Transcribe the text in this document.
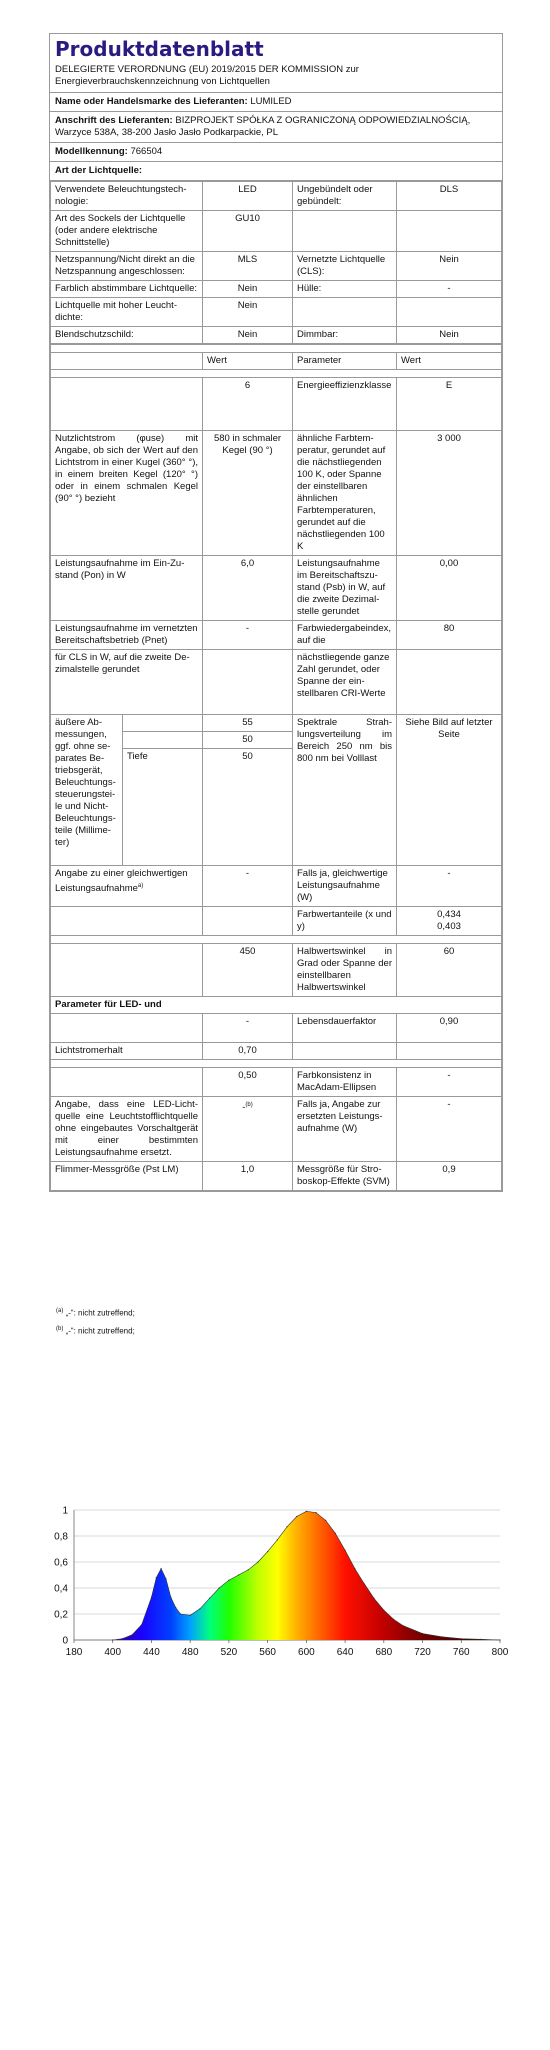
Produktdatenblatt
DELEGIERTE VERORDNUNG (EU) 2019/2015 DER KOMMISSION zur Energieverbrauchskennzeichnung von Lichtquellen
Name oder Handelsmarke des Lieferanten: LUMILED
Anschrift des Lieferanten: BIZPROJEKT SPÓŁKA Z OGRANICZONĄ ODPOWIEDZIALNOŚCIĄ, Warzyce 538A, 38-200 Jasło Jasło Podkarpackie, PL
Modellkennung: 766504
Art der Lichtquelle:
Verwendete Beleuchtungstechnologie:	LED	Ungebündelt oder gebündelt:	DLS
Art des Sockels der Lichtquelle (oder andere elektrische Schnittstelle)	GU10		
Netzspannung/Nicht direkt an die Netzspannung angeschlossen:	MLS	Vernetzte Lichtquelle (CLS):	Nein
Farblich abstimmbare Lichtquelle:	Nein	Hülle:	-
Lichtquelle mit hoher Leuchtdichte:	Nein		
Blendschutzschild:	Nein	Dimmbar:	Nein

		Wert	Parameter	Wert

		6	Energieeffizienzklasse	E
Nutzlichtstrom (φuse) mit Angabe, ob sich der Wert auf den Lichtstrom in einer Kugel (360° °), in einem breiten Kegel (120° °) oder in einem schmalen Kegel (90° °) bezieht		580 in schmaler Kegel (90 °)	ähnliche Farbtemperatur, gerundet auf die nächstliegenden 100 K, oder Spanne der einstellbaren ähnlichen Farbtemperaturen, gerundet auf die nächstliegenden 100 K	3 000
Leistungsaufnahme im Ein-Zustand (Pon) in W		6,0	Leistungsaufnahme im Bereitschaftszustand (Psb) in W, auf die zweite Dezimalstelle gerundet	0,00
Leistungsaufnahme im vernetzten Bereitschaftsbetrieb (Pnet)		-	Farbwiedergabeindex, auf die	80
für CLS in W, auf die zweite Dezimalstelle gerundet			nächstliegende ganze Zahl gerundet, oder Spanne der einstellbaren CRI-Werte	
äußere Abmessungen, ggf. ohne separates Betriebsgerät, Beleuchtungssteuerungsteile und Nicht-Beleuchtungsteile (Millimeter)		55	Spektrale Strahlungsverteilung im Bereich 250 nm bis 800 nm bei Volllast	Siehe Bild auf letzter Seite
		50		
	Tiefe	50		
Angabe zu einer gleichwertigen Leistungsaufnahme$^{a)}$		-	Falls ja, gleichwertige Leistungsaufnahme (W)	-
			Farbwertanteile (x und y)	0,434
0,403

		450	Halbwertswinkel in Grad oder Spanne der einstellbaren Halbwertswinkel	60
Parameter für LED- und				
		-	Lebensdauerfaktor	0,90
Lichtstromerhalt		0,70		

		0,50	Farbkonsistenz in MacAdam-Ellipsen	-
Angabe, dass eine LED-Lichtquelle eine Leuchtstofflichtquelle ohne eingebautes Vorschaltgerät mit einer bestimmten Leistungsaufnahme ersetzt.		-$^{(b)}$	Falls ja, Angabe zur ersetzten Leistungsaufnahme (W)	-
Flimmer-Messgröße (Pst LM)		1,0	Messgröße für Stroboskop-Effekte (SVM)	0,9
$^{(a)}$ „-“: nicht zutreffend;
$^{(b)}$ „-“: nicht zutreffend;
0
0,2
0,4
0,6
0,8
1
180 400 440 480 520 560 600 640 680 720 760 800
